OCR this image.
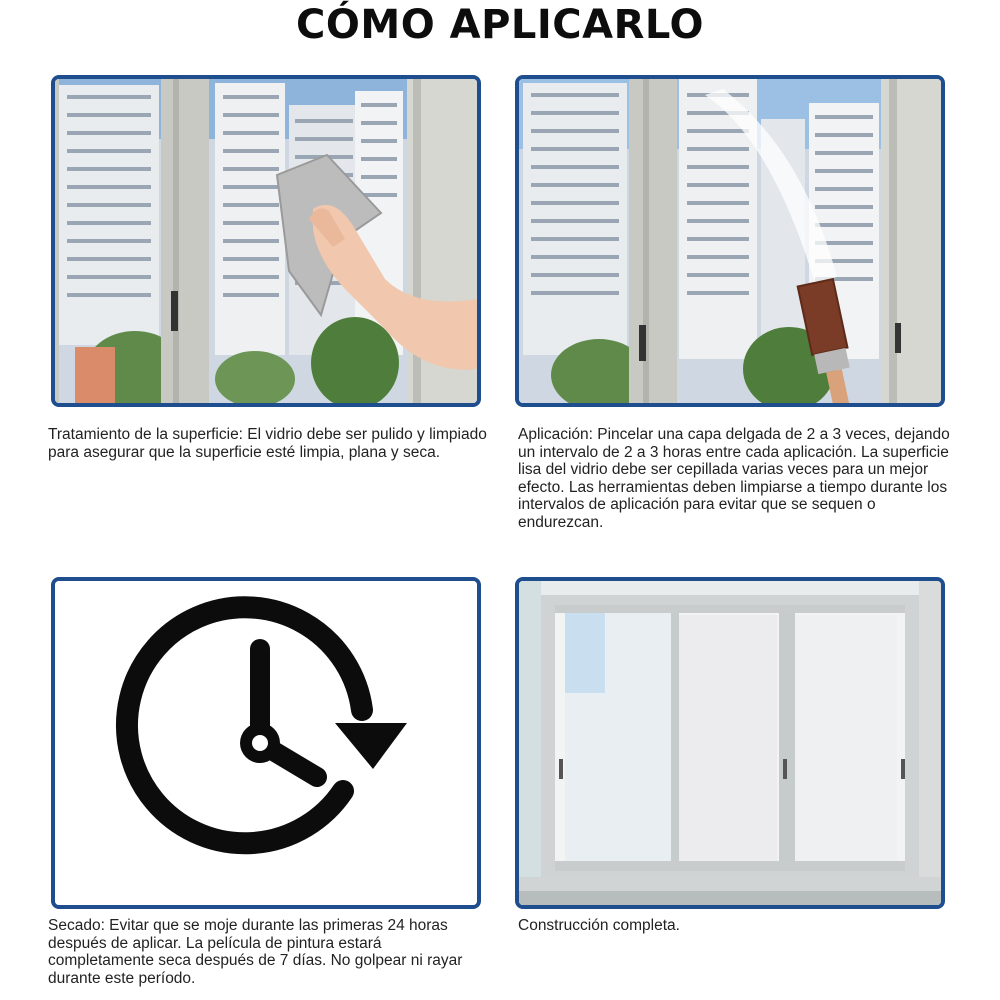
CÓMO APLICARLO
Tratamiento de la superficie: El vidrio debe ser pulido y limpiado para asegurar que la superficie esté limpia, plana y seca.
Aplicación: Pincelar una capa delgada de 2 a 3 veces, dejando un intervalo de 2 a 3 horas entre cada aplicación. La superficie lisa del vidrio debe ser cepillada varias veces para un mejor efecto. Las herramientas deben limpiarse a tiempo durante los intervalos de aplicación para evitar que se sequen o endurezcan.
Secado: Evitar que se moje durante las primeras 24 horas después de aplicar. La película de pintura estará completamente seca después de 7 días. No golpear ni rayar durante este período.
Construcción completa.
